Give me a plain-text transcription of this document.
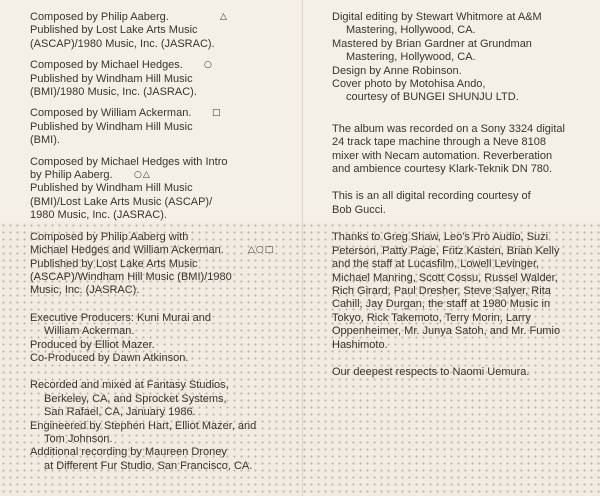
Composed by Philip Aaberg.	△
Published by Lost Lake Arts Music
(ASCAP)/1980 Music, Inc. (JASRAC).
Composed by Michael Hedges.	○
Published by Windham Hill Music
(BMI)/1980 Music, Inc. (JASRAC).
Composed by William Ackerman.	□
Published by Windham Hill Music
(BMI).
Composed by Michael Hedges with Intro
by Philip Aaberg.	○△
Published by Windham Hill Music
(BMI)/Lost Lake Arts Music (ASCAP)/
1980 Music, Inc. (JASRAC).
Composed by Philip Aaberg with
Michael Hedges and William Ackerman.	△○□
Published by Lost Lake Arts Music
(ASCAP)/Windham Hill Music (BMI)/1980
Music, Inc. (JASRAC).
Executive Producers: Kuni Murai and
William Ackerman.
Produced by Elliot Mazer.
Co-Produced by Dawn Atkinson.
Recorded and mixed at Fantasy Studios,
Berkeley, CA, and Sprocket Systems,
San Rafael, CA, January 1986.
Engineered by Stephen Hart, Elliot Mazer, and
Tom Johnson.
Additional recording by Maureen Droney
at Different Fur Studio, San Francisco, CA.
Digital editing by Stewart Whitmore at A&M
Mastering, Hollywood, CA.
Mastered by Brian Gardner at Grundman
Mastering, Hollywood, CA.
Design by Anne Robinson.
Cover photo by Motohisa Ando,
courtesy of BUNGEI SHUNJU LTD.
The album was recorded on a Sony 3324 digital
24 track tape machine through a Neve 8108
mixer with Necam automation. Reverberation
and ambience courtesy Klark-Teknik DN 780.
This is an all digital recording courtesy of
Bob Gucci.
Thanks to Greg Shaw, Leo's Pro Audio, Suzi
Peterson, Patty Page, Fritz Kasten, Brian Kelly
and the staff at Lucasfilm, Lowell Levinger,
Michael Manring, Scott Cossu, Russel Walder,
Rich Girard, Paul Dresher, Steve Salyer, Rita
Cahill, Jay Durgan, the staff at 1980 Music in
Tokyo, Rick Takemoto, Terry Morin, Larry
Oppenheimer, Mr. Junya Satoh, and Mr. Fumio
Hashimoto.
Our deepest respects to Naomi Uemura.
